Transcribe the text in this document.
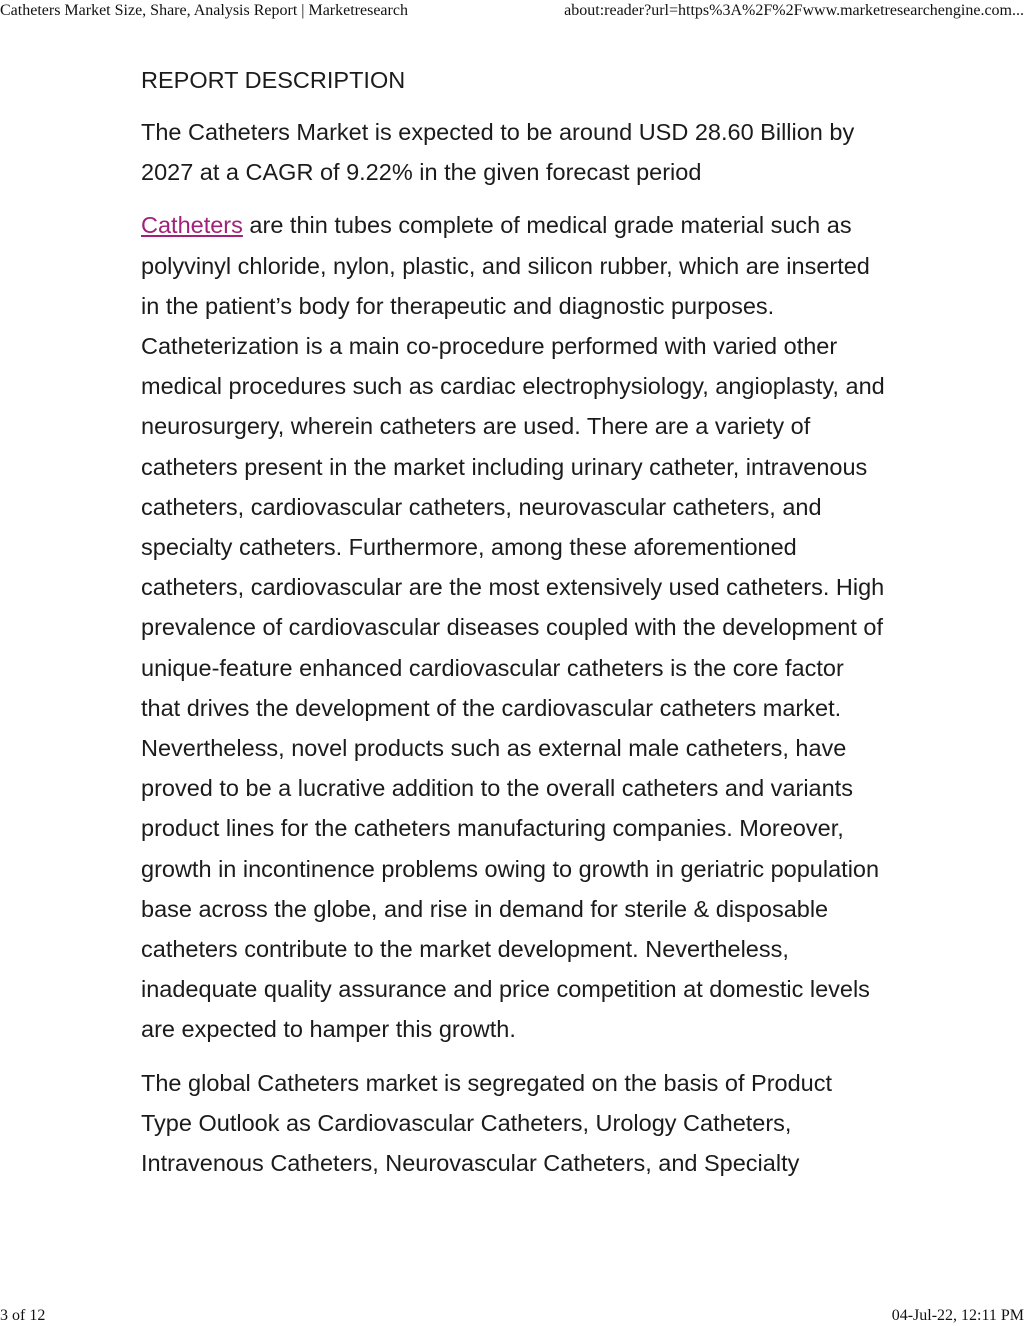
Catheters Market Size, Share, Analysis Report | Marketresearch	about:reader?url=https%3A%2F%2Fwww.marketresearchengine.com...
REPORT DESCRIPTION

The Catheters Market is expected to be around USD 28.60 Billion by 2027 at a CAGR of 9.22% in the given forecast period

Catheters are thin tubes complete of medical grade material such as polyvinyl chloride, nylon, plastic, and silicon rubber, which are inserted in the patient’s body for therapeutic and diagnostic purposes. Catheterization is a main co-procedure performed with varied other medical procedures such as cardiac electrophysiology, angioplasty, and neurosurgery, wherein catheters are used. There are a variety of catheters present in the market including urinary catheter, intravenous catheters, cardiovascular catheters, neurovascular catheters, and specialty catheters. Furthermore, among these aforementioned catheters, cardiovascular are the most extensively used catheters. High prevalence of cardiovascular diseases coupled with the development of unique-feature enhanced cardiovascular catheters is the core factor that drives the development of the cardiovascular catheters market. Nevertheless, novel products such as external male catheters, have proved to be a lucrative addition to the overall catheters and variants product lines for the catheters manufacturing companies. Moreover, growth in incontinence problems owing to growth in geriatric population base across the globe, and rise in demand for sterile & disposable catheters contribute to the market development. Nevertheless, inadequate quality assurance and price competition at domestic levels are expected to hamper this growth.

The global Catheters market is segregated on the basis of Product Type Outlook as Cardiovascular Catheters, Urology Catheters, Intravenous Catheters, Neurovascular Catheters, and Specialty

3 of 12	04-Jul-22, 12:11 PM
